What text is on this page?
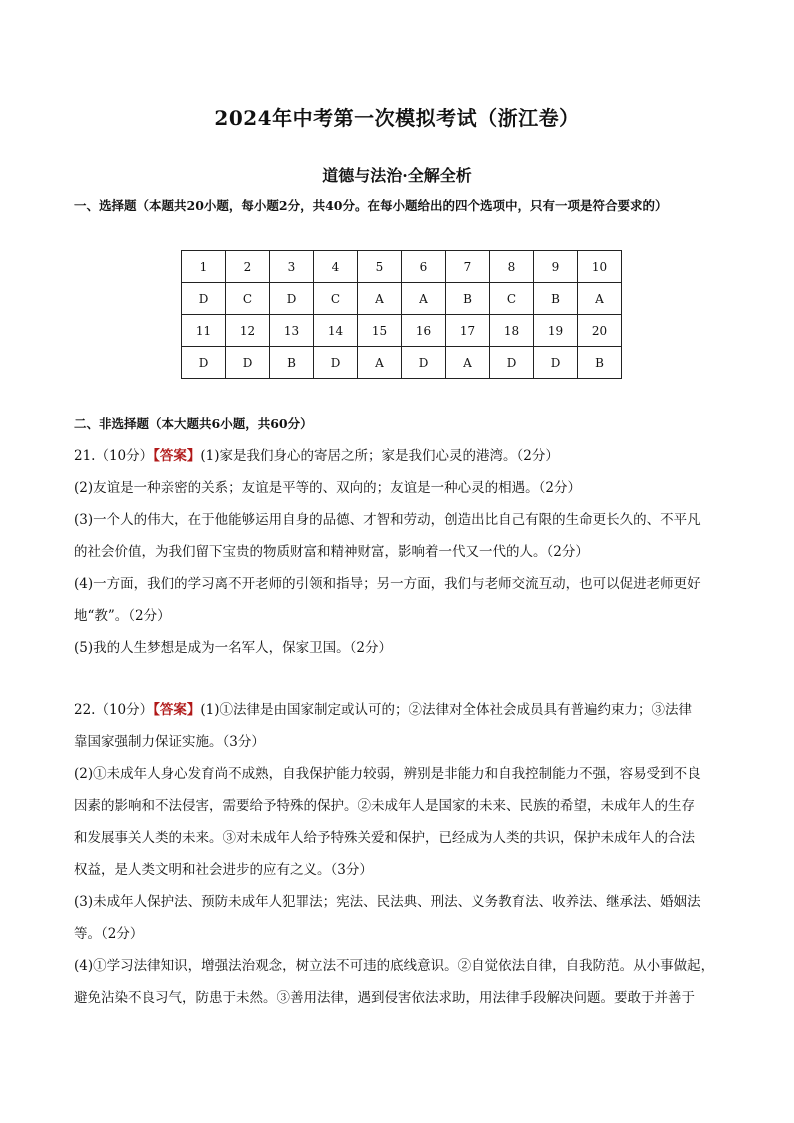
2024年中考第一次模拟考试（浙江卷）
道德与法治·全解全析
一、选择题（本题共20小题，每小题2分，共40分。在每小题给出的四个选项中，只有一项是符合要求的）
1	2	3	4	5	6	7	8	9	10
D	C	D	C	A	A	B	C	B	A
11	12	13	14	15	16	17	18	19	20
D	D	B	D	A	D	A	D	D	B
二、非选择题（本大题共6小题，共60分）

21.（10分）【答案】(1)家是我们身心的寄居之所；家是我们心灵的港湾。（2分）

(2)友谊是一种亲密的关系；友谊是平等的、双向的；友谊是一种心灵的相遇。（2分）

(3)一个人的伟大，在于他能够运用自身的品德、才智和劳动，创造出比自己有限的生命更长久的、不平凡

的社会价值，为我们留下宝贵的物质财富和精神财富，影响着一代又一代的人。（2分）

(4)一方面，我们的学习离不开老师的引领和指导；另一方面，我们与老师交流互动，也可以促进老师更好

地“教”。（2分）

(5)我的人生梦想是成为一名军人，保家卫国。（2分）

22.（10分）【答案】(1)①法律是由国家制定或认可的；②法律对全体社会成员具有普遍约束力；③法律

靠国家强制力保证实施。（3分）

(2)①未成年人身心发育尚不成熟，自我保护能力较弱，辨别是非能力和自我控制能力不强，容易受到不良

因素的影响和不法侵害，需要给予特殊的保护。②未成年人是国家的未来、民族的希望，未成年人的生存

和发展事关人类的未来。③对未成年人给予特殊关爱和保护，已经成为人类的共识，保护未成年人的合法

权益，是人类文明和社会进步的应有之义。（3分）

(3)未成年人保护法、预防未成年人犯罪法；宪法、民法典、刑法、义务教育法、收养法、继承法、婚姻法

等。（2分）

(4)①学习法律知识，增强法治观念，树立法不可违的底线意识。②自觉依法自律，自我防范。从小事做起，

避免沾染不良习气，防患于未然。③善用法律，遇到侵害依法求助，用法律手段解决问题。要敢于并善于
